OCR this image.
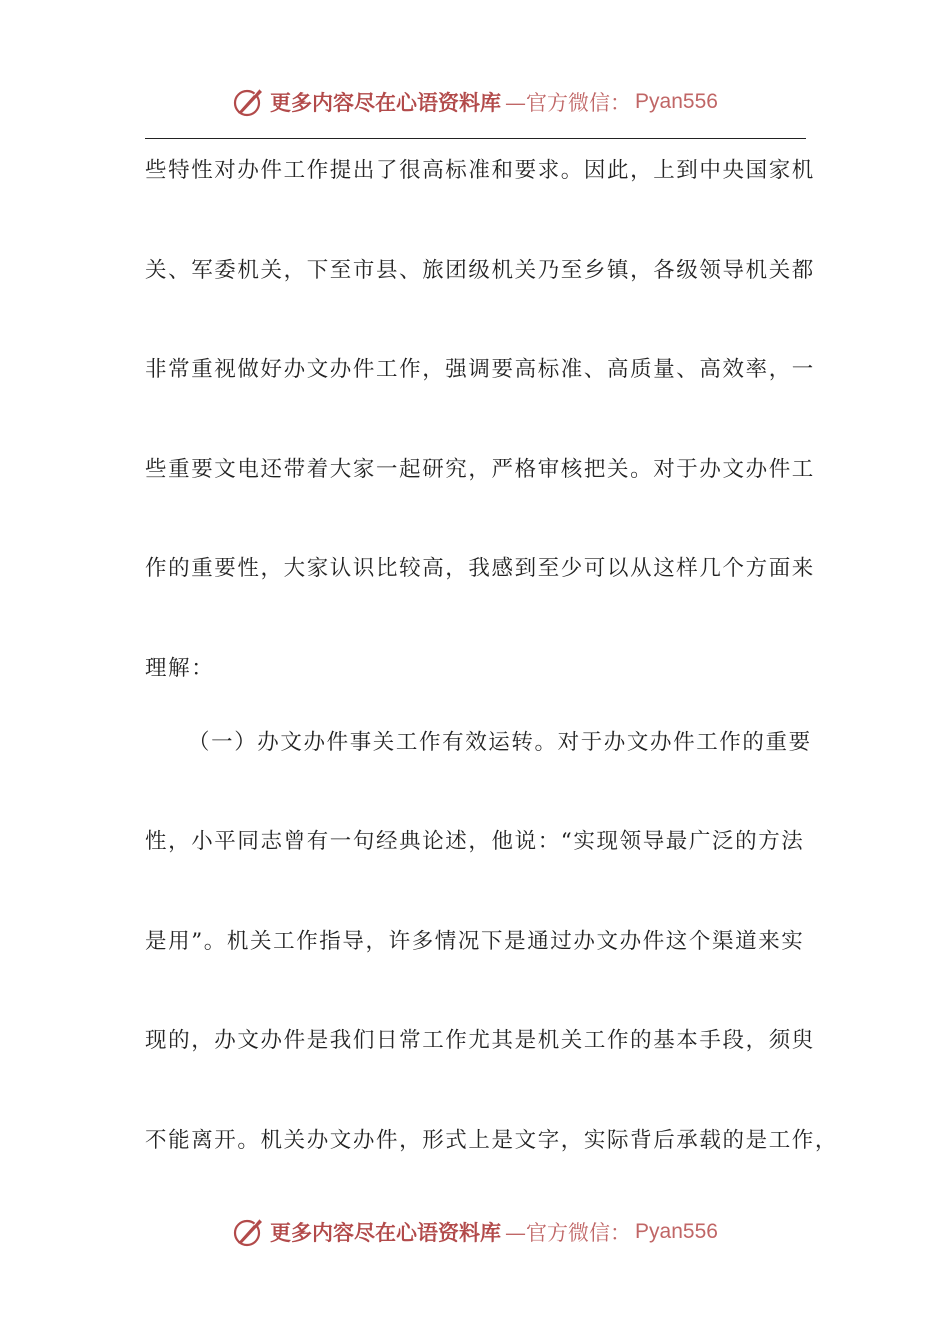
更多内容尽在心语资料库 —官方微信： Pyan556
些特性对办件工作提出了很高标准和要求。因此，上到中央国家机
关、军委机关，下至市县、旅团级机关乃至乡镇，各级领导机关都
非常重视做好办文办件工作，强调要高标准、高质量、高效率，一
些重要文电还带着大家一起研究，严格审核把关。对于办文办件工
作的重要性，大家认识比较高，我感到至少可以从这样几个方面来
理解：
（一）办文办件事关工作有效运转。对于办文办件工作的重要
性，小平同志曾有一句经典论述，他说：“实现领导最广泛的方法
是用”。机关工作指导，许多情况下是通过办文办件这个渠道来实
现的，办文办件是我们日常工作尤其是机关工作的基本手段，须臾
不能离开。机关办文办件，形式上是文字，实际背后承载的是工作，
更多内容尽在心语资料库 —官方微信： Pyan556
